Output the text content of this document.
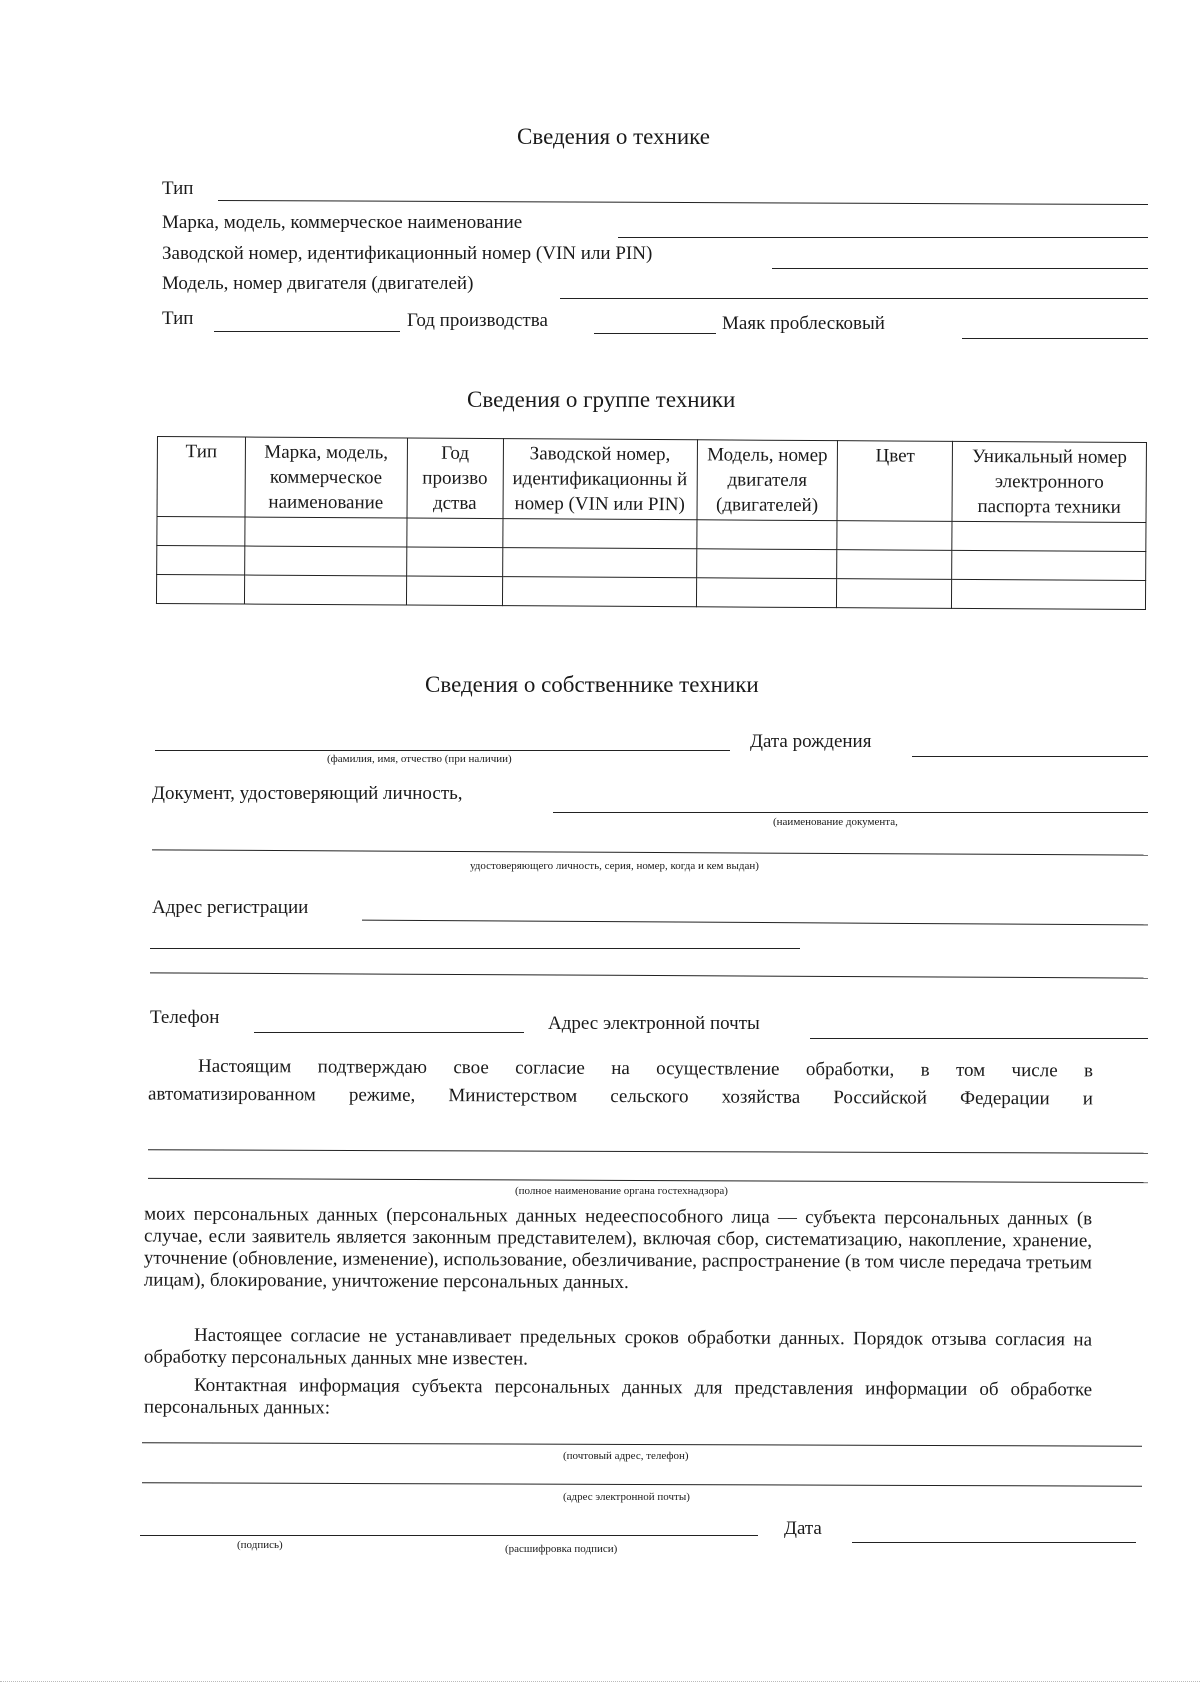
Сведения о технике
Тип
Марка, модель, коммерческое наименование
Заводской номер, идентификационный номер (VIN или PIN)
Модель, номер двигателя (двигателей)
Тип	Год производства	Маяк проблесковый
Сведения о группе техники
Тип	Марка, модель, коммерческое наименование	Год произво дства	Заводской номер, идентификационны й номер (VIN или PIN)	Модель, номер двигателя (двигателей)	Цвет	Уникальный номер электронного паспорта техники

Сведения о собственнике техники
(фамилия, имя, отчество (при наличии)
Дата рождения
Документ, удостоверяющий личность,
(наименование документа,
удостоверяющего личность, серия, номер, когда и кем выдан)
Адрес регистрации
Телефон	Адрес электронной почты
Настоящим подтверждаю свое согласие на осуществление обработки, в том числе в
автоматизированном режиме, Министерством сельского хозяйства Российской Федерации и
(полное наименование органа гостехнадзора)
моих персональных данных (персональных данных недееспособного лица — субъекта персональных данных (в случае, если заявитель является законным представителем), включая сбор, систематизацию, накопление, хранение, уточнение (обновление, изменение), использование, обезличивание, распространение (в том числе передача третьим лицам), блокирование, уничтожение персональных данных.
Настоящее согласие не устанавливает предельных сроков обработки данных. Порядок отзыва согласия на обработку персональных данных мне известен.
Контактная информация субъекта персональных данных для представления информации об обработке персональных данных:
(почтовый адрес, телефон)
(адрес электронной почты)
(подпись)	(расшифровка подписи)
Дата
